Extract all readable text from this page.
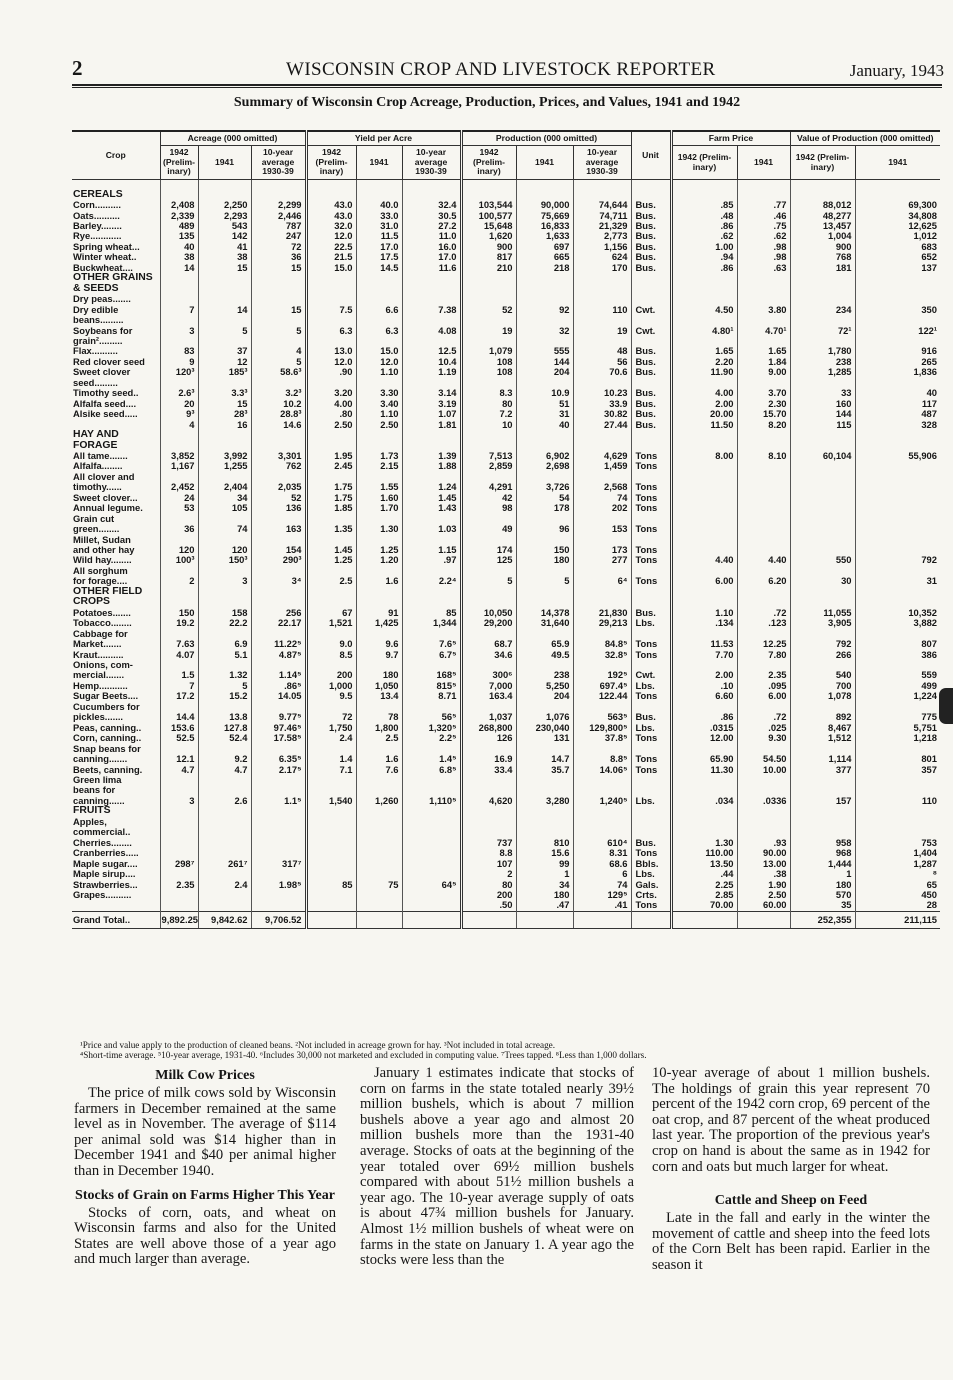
2	WISCONSIN CROP AND LIVESTOCK REPORTER	January, 1943
Summary of Wisconsin Crop Acreage, Production, Prices, and Values, 1941 and 1942
Crop	Acreage (000 omitted)			Yield per Acre			Production (000 omitted)			Unit	Farm Price		Value of Production (000 omitted)	
	1942 (Prelim-inary)	1941	10-year average 1930-39	1942 (Prelim-inary)	1941	10-year average 1930-39	1942 (Prelim-inary)	1941	10-year average 1930-39		1942 (Prelim-inary)	1941	1942 (Prelim-inary)	1941
CEREALS														
Corn..........	2,408	2,250	2,299	43.0	40.0	32.4	103,544	90,000	74,644	Bus.	.85	.77	88,012	69,300
Oats..........	2,339	2,293	2,446	43.0	33.0	30.5	100,577	75,669	74,711	Bus.	.48	.46	48,277	34,808
Barley........	489	543	787	32.0	31.0	27.2	15,648	16,833	21,329	Bus.	.86	.75	13,457	12,625
Rye............	135	142	247	12.0	11.5	11.0	1,620	1,633	2,773	Bus.	.62	.62	1,004	1,012
Spring wheat...	40	41	72	22.5	17.0	16.0	900	697	1,156	Bus.	1.00	.98	900	683
Winter wheat..	38	38	36	21.5	17.5	17.0	817	665	624	Bus.	.94	.98	768	652
Buckwheat....	14	15	15	15.0	14.5	11.6	210	218	170	Bus.	.86	.63	181	137
OTHER GRAINS														
& SEEDS														
Dry peas.......														
Dry edible	7	14	15	7.5	6.6	7.38	52	92	110	Cwt.	4.50	3.80	234	350
beans.........														
Soybeans for	3	5	5	6.3	6.3	4.08	19	32	19	Cwt.	4.80¹	4.70¹	72¹	122¹
grain².........														
Flax..........	83	37	4	13.0	15.0	12.5	1,079	555	48	Bus.	1.65	1.65	1,780	916
Red clover seed	9	12	5	12.0	12.0	10.4	108	144	56	Bus.	2.20	1.84	238	265
Sweet clover	120³	185³	58.6³	.90	1.10	1.19	108	204	70.6	Bus.	11.90	9.00	1,285	1,836
seed.........														
Timothy seed..	2.6³	3.3³	3.2³	3.20	3.30	3.14	8.3	10.9	10.23	Bus.	4.00	3.70	33	40
Alfalfa seed....	20	15	10.2	4.00	3.40	3.19	80	51	33.9	Bus.	2.00	2.30	160	117
Alsike seed.....	9³	28³	28.8³	.80	1.10	1.07	7.2	31	30.82	Bus.	20.00	15.70	144	487
	4	16	14.6	2.50	2.50	1.81	10	40	27.44	Bus.	11.50	8.20	115	328
HAY AND														
FORAGE														
All tame.......	3,852	3,992	3,301	1.95	1.73	1.39	7,513	6,902	4,629	Tons	8.00	8.10	60,104	55,906
Alfalfa........	1,167	1,255	762	2.45	2.15	1.88	2,859	2,698	1,459	Tons				
All clover and														
timothy......	2,452	2,404	2,035	1.75	1.55	1.24	4,291	3,726	2,568	Tons				
Sweet clover...	24	34	52	1.75	1.60	1.45	42	54	74	Tons				
Annual legume.	53	105	136	1.85	1.70	1.43	98	178	202	Tons				
Grain cut														
green........	36	74	163	1.35	1.30	1.03	49	96	153	Tons				
Millet, Sudan														
and other hay	120	120	154	1.45	1.25	1.15	174	150	173	Tons				
Wild hay........	100³	150³	290³	1.25	1.20	.97	125	180	277	Tons	4.40	4.40	550	792
All sorghum														
for forage....	2	3	3⁴	2.5	1.6	2.2⁴	5	5	6⁴	Tons	6.00	6.20	30	31
OTHER FIELD														
CROPS														
Potatoes.......	150	158	256	67	91	85	10,050	14,378	21,830	Bus.	1.10	.72	11,055	10,352
Tobacco........	19.2	22.2	22.17	1,521	1,425	1,344	29,200	31,640	29,213	Lbs.	.134	.123	3,905	3,882
Cabbage for														
Market.......	7.63	6.9	11.22⁵	9.0	9.6	7.6⁵	68.7	65.9	84.8⁵	Tons	11.53	12.25	792	807
Kraut..........	4.07	5.1	4.87⁵	8.5	9.7	6.7⁵	34.6	49.5	32.8⁵	Tons	7.70	7.80	266	386
Onions, com-														
mercial.......	1.5	1.32	1.14⁵	200	180	168⁵	300⁶	238	192⁵	Cwt.	2.00	2.35	540	559
Hemp...........	7	5	.86⁵	1,000	1,050	815⁵	7,000	5,250	697.4⁵	Lbs.	.10	.095	700	499
Sugar Beets....	17.2	15.2	14.05	9.5	13.4	8.71	163.4	204	122.44	Tons	6.60	6.00	1,078	1,224
Cucumbers for														
pickles.......	14.4	13.8	9.77⁵	72	78	56⁵	1,037	1,076	563⁵	Bus.	.86	.72	892	775
Peas, canning..	153.6	127.8	97.46⁵	1,750	1,800	1,320⁵	268,800	230,040	129,800⁵	Lbs.	.0315	.025	8,467	5,751
Corn, canning..	52.5	52.4	17.58⁵	2.4	2.5	2.2⁵	126	131	37.8⁵	Tons	12.00	9.30	1,512	1,218
Snap beans for														
canning.......	12.1	9.2	6.35⁵	1.4	1.6	1.4⁵	16.9	14.7	8.8⁵	Tons	65.90	54.50	1,114	801
Beets, canning.	4.7	4.7	2.17⁵	7.1	7.6	6.8⁵	33.4	35.7	14.06⁵	Tons	11.30	10.00	377	357
Green lima														
beans for														
canning......	3	2.6	1.1⁵	1,540	1,260	1,110⁵	4,620	3,280	1,240⁵	Lbs.	.034	.0336	157	110
FRUITS														
Apples,														
commercial..														
Cherries........							737	810	610⁴	Bus.	1.30	.93	958	753
Cranberries.....							8.8	15.6	8.31	Tons	110.00	90.00	968	1,404
Maple sugar....	298⁷	261⁷	317⁷				107	99	68.6	Bbls.	13.50	13.00	1,444	1,287
Maple sirup....							2	1	6	Lbs.	.44	.38	1	⁸
Strawberries...	2.35	2.4	1.98⁵	85	75	64⁵	80	34	74	Gals.	2.25	1.90	180	65
Grapes..........							200	180	129⁵	Crts.	2.85	2.50	570	450
							.50	.47	.41	Tons	70.00	60.00	35	28
Grand Total..	9,892.25	9,842.62	9,706.52										252,355	211,115
¹Price and value apply to the production of cleaned beans. ²Not included in acreage grown for hay. ³Not included in total acreage.
⁴Short-time average. ⁵10-year average, 1931-40. ⁶Includes 30,000 not marketed and excluded in computing value. ⁷Trees tapped. ⁸Less than 1,000 dollars.
Milk Cow Prices

The price of milk cows sold by Wisconsin farmers in December remained at the same level as in November. The average of $114 per animal sold was $14 higher than in December 1941 and $40 per animal higher than in December 1940.

Stocks of Grain on Farms Higher This Year

Stocks of corn, oats, and wheat on Wisconsin farms and also for the United States are well above those of a year ago and much larger than average.

January 1 estimates indicate that stocks of corn on farms in the state totaled nearly 39½ million bushels, which is about 7 million bushels above a year ago and almost 20 million bushels more than the 1931-40 average. Stocks of oats at the beginning of the year totaled over 69½ million bushels compared with about 51½ million bushels a year ago. The 10-year average supply of oats is about 47¾ million bushels for January. Almost 1½ million bushels of wheat were on farms in the state on January 1. A year ago the stocks were less than the

10-year average of about 1 million bushels. The holdings of grain this year represent 70 percent of the 1942 corn crop, 69 percent of the oat crop, and 87 percent of the wheat produced last year. The proportion of the previous year's crop on hand is about the same as in 1942 for corn and oats but much larger for wheat.

Cattle and Sheep on Feed

Late in the fall and early in the winter the movement of cattle and sheep into the feed lots of the Corn Belt has been rapid. Earlier in the season it
